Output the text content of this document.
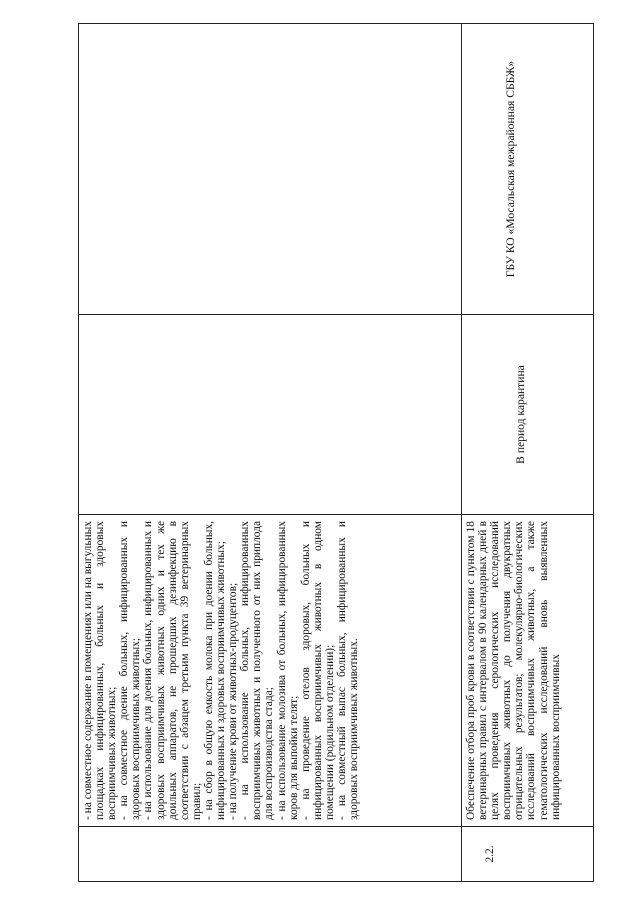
- на совместное содержание в помещениях или на выгульных площадках инфицированных, больных и здоровых восприимчивых животных; - на совместное доение больных, инфицированных и здоровых восприимчивых животных; - на использование для доения больных, инфицированных и здоровых восприимчивых животных одних и тех же доильных аппаратов, не прошедших дезинфекцию в соответствии с абзацем третьим пункта 39 ветеринарных правил; - на сбор в общую емкость молока при доении больных, инфицированных и здоровых восприимчивых животных; - на получение крови от животных-продуцентов; - на использование больных, инфицированных восприимчивых животных и полученного от них приплода для воспроизводства стада; - на использование молозива от больных, инфицированных коров для выпойки телят; - на проведение отелов здоровых, больных и инфицированных восприимчивых животных в одном помещении (родильном отделении); - на совместный выпас больных, инфицированных и здоровых восприимчивых животных.

2.2.

Обеспечение отбора проб крови в соответствии с пунктом 18 ветеринарных правил с интервалом в 90 календарных дней в целях проведения серологических исследований восприимчивых животных до получения двукратных отрицательных результатов; молекулярно-биологических исследований восприимчивых животных, а также гематологических исследований вновь выявленных инфицированных восприимчивых

В период карантина
ГБУ КО «Мосальская межрайонная СББЖ»
